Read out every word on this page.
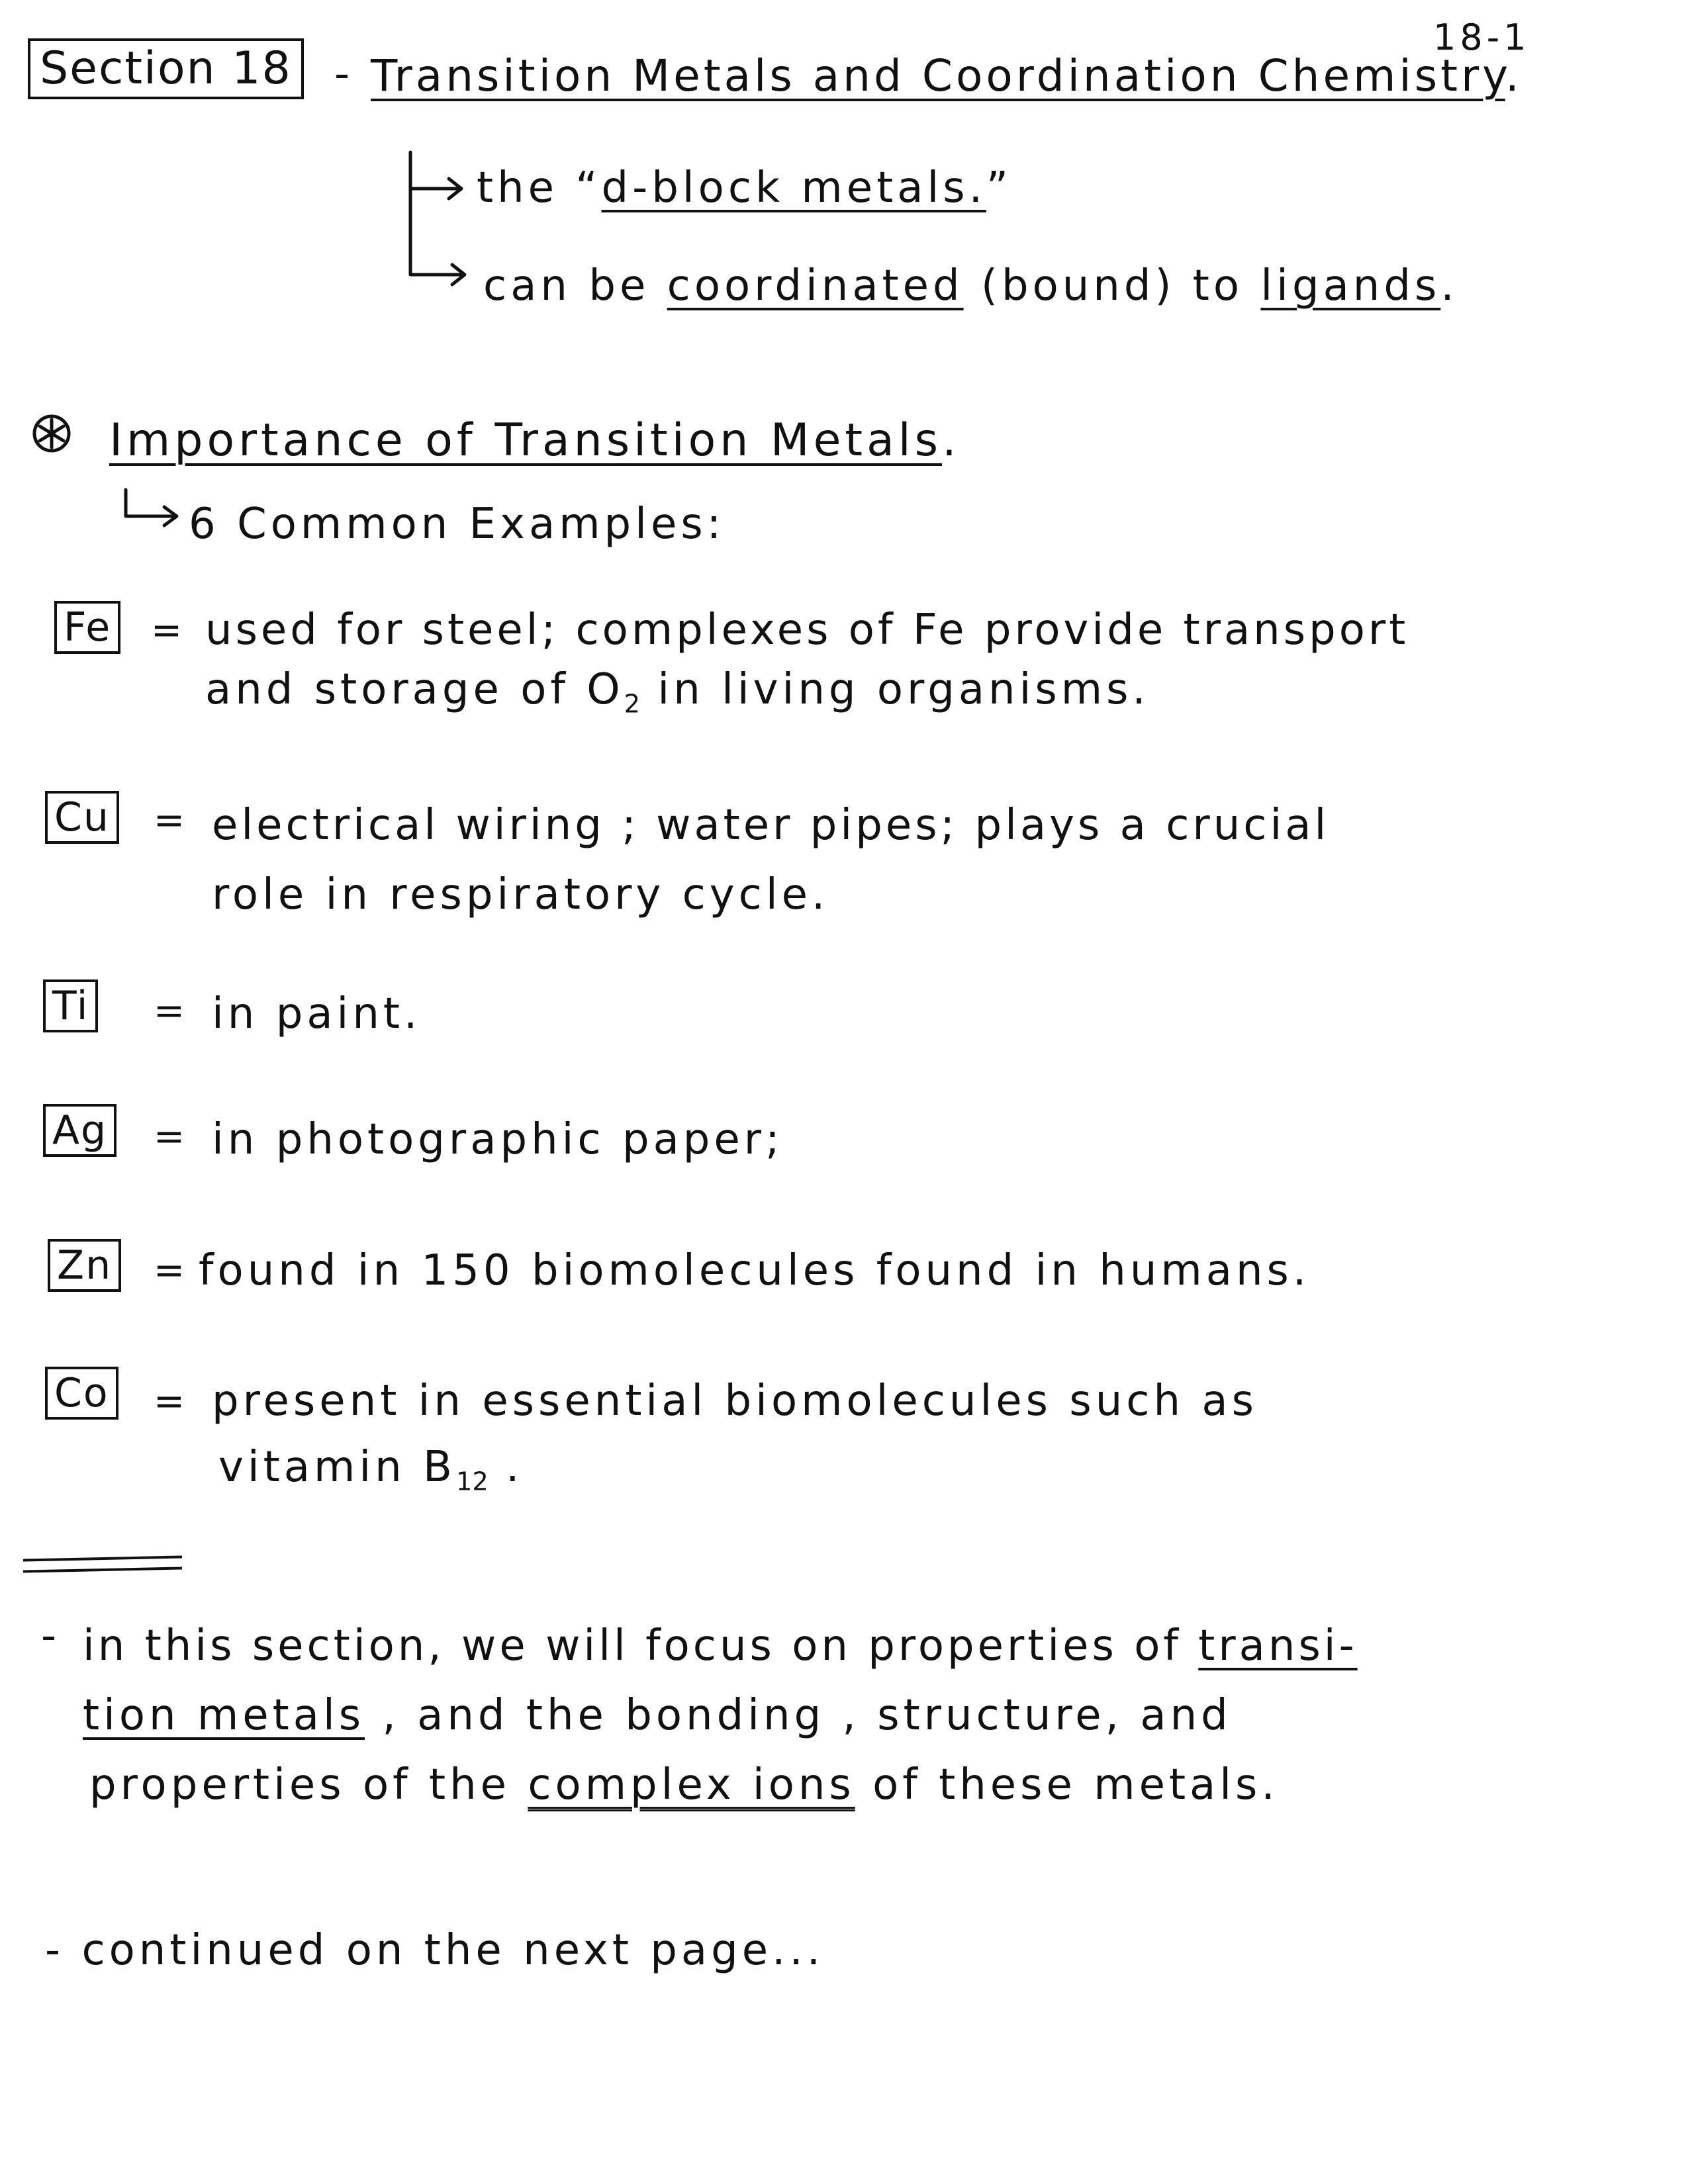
18-1
Section 18 - Transition Metals and Coordination Chemistry.
the “d-block metals.”
can be coordinated (bound) to ligands.
Importance of Transition Metals.
6 Common Examples:
Fe = used for steel; complexes of Fe provide transport
and storage of $O_2$ in living organisms.
Cu = electrical wiring ; water pipes; plays a crucial
role in respiratory cycle.
Ti = in paint.
Ag = in photographic paper;
Zn = found in 150 biomolecules found in humans.
Co = present in essential biomolecules such as
vitamin $B_{12}$ .
- in this section, we will focus on properties of transi-
tion metals , and the bonding , structure, and
properties of the complex ions of these metals.
- continued on the next page...
